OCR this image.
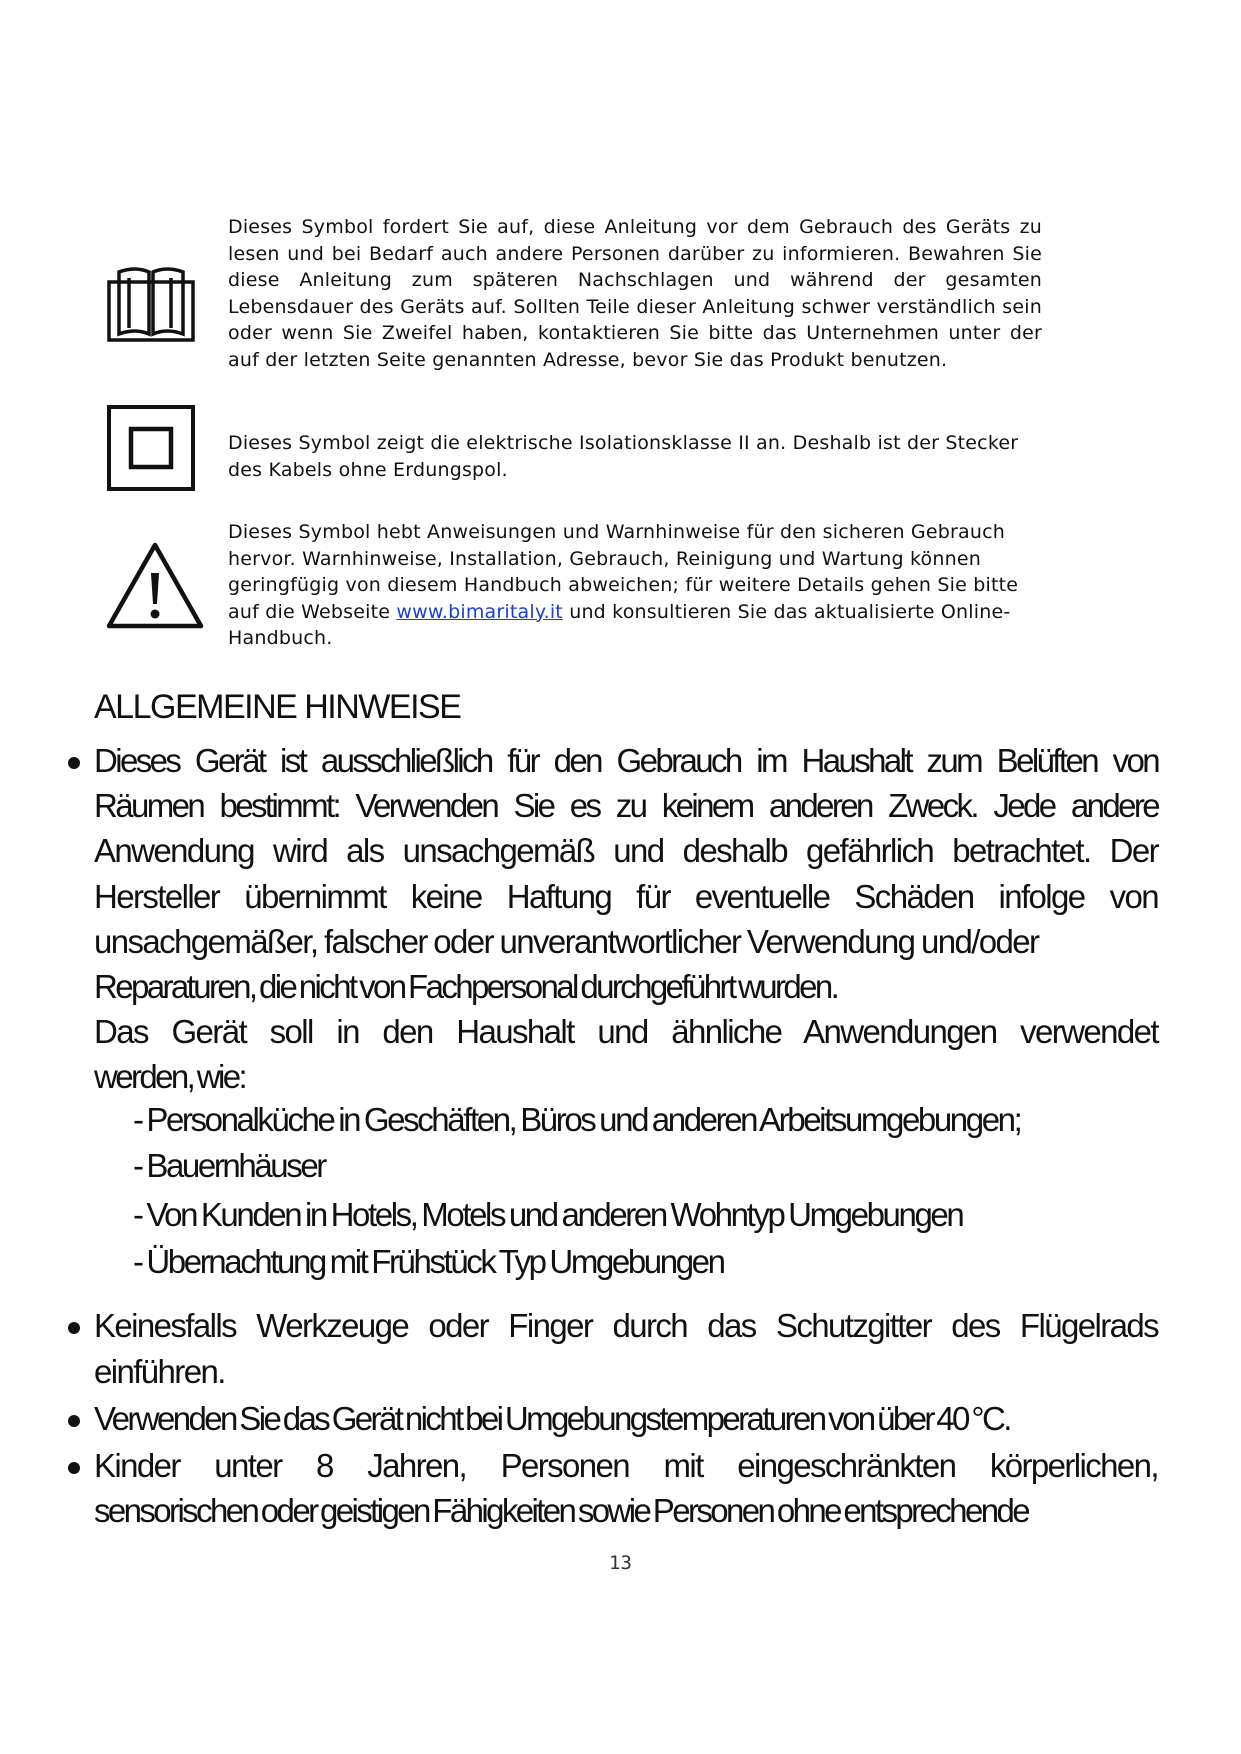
Dieses Symbol fordert Sie auf, diese Anleitung vor dem Gebrauch des Geräts zu lesen und bei Bedarf auch andere Personen darüber zu informieren. Bewahren Sie diese Anleitung zum späteren Nachschlagen und während der gesamten Lebensdauer des Geräts auf. Sollten Teile dieser Anleitung schwer verständlich sein oder wenn Sie Zweifel haben, kontaktieren Sie bitte das Unternehmen unter der auf der letzten Seite genannten Adresse, bevor Sie das Produkt benutzen.
Dieses Symbol zeigt die elektrische Isolationsklasse II an. Deshalb ist der Stecker des Kabels ohne Erdungspol.
Dieses Symbol hebt Anweisungen und Warnhinweise für den sicheren Gebrauch hervor. Warnhinweise, Installation, Gebrauch, Reinigung und Wartung können geringfügig von diesem Handbuch abweichen; für weitere Details gehen Sie bitte auf die Webseite www.bimaritaly.it und konsultieren Sie das aktualisierte Online-Handbuch.
ALLGEMEINE HINWEISE

Dieses Gerät ist ausschließlich für den Gebrauch im Haushalt zum Belüften von

Räumen bestimmt: Verwenden Sie es zu keinem anderen Zweck. Jede andere

Anwendung wird als unsachgemäß und deshalb gefährlich betrachtet. Der Hersteller übernimmt keine Haftung für eventuelle Schäden infolge von unsachgemäßer, falscher oder unverantwortlicher Verwendung und/oder

Reparaturen, die nicht von Fachpersonal durchgeführt wurden.

Das Gerät soll in den Haushalt und ähnliche Anwendungen verwendet

werden, wie:

- Personalküche in Geschäften, Büros und anderen Arbeitsumgebungen;
- Bauernhäuser
- Von Kunden in Hotels, Motels und anderen Wohntyp Umgebungen
- Übernachtung mit Frühstück Typ Umgebungen

Keinesfalls Werkzeuge oder Finger durch das Schutzgitter des Flügelrads einführen.

Verwenden Sie das Gerät nicht bei Umgebungstemperaturen von über 40 °C.

Kinder unter 8 Jahren, Personen mit eingeschränkten körperlichen,

sensorischen oder geistigen Fähigkeiten sowie Personen ohne entsprechende

13
